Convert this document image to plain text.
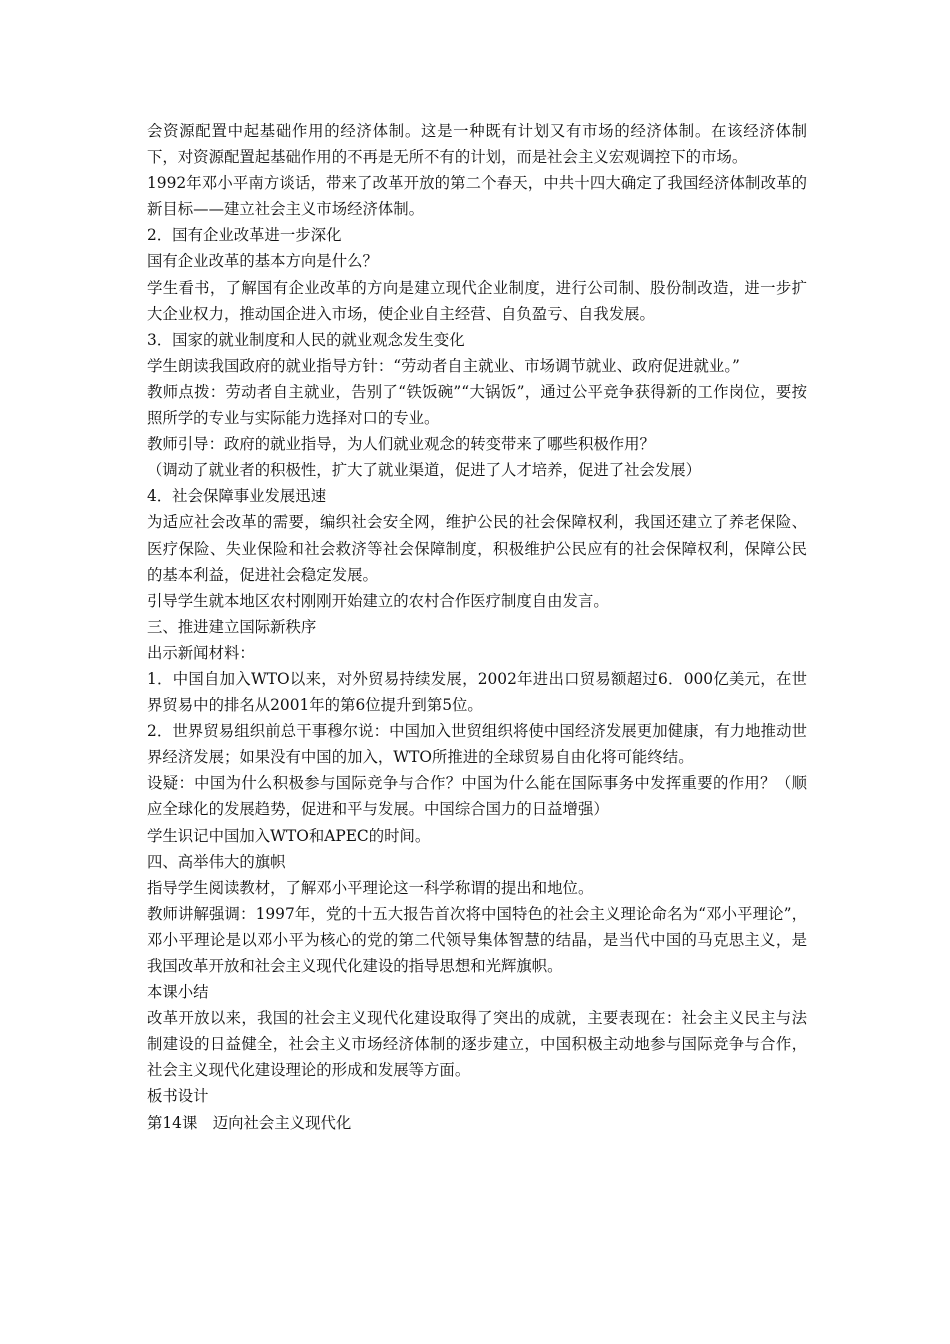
会资源配置中起基础作用的经济体制。这是一种既有计划又有市场的经济体制。在该经济体制下，对资源配置起基础作用的不再是无所不有的计划，而是社会主义宏观调控下的市场。

1992年邓小平南方谈话，带来了改革开放的第二个春天，中共十四大确定了我国经济体制改革的新目标——建立社会主义市场经济体制。

2．国有企业改革进一步深化

国有企业改革的基本方向是什么？

学生看书，了解国有企业改革的方向是建立现代企业制度，进行公司制、股份制改造，进一步扩大企业权力，推动国企进入市场，使企业自主经营、自负盈亏、自我发展。

3．国家的就业制度和人民的就业观念发生变化

学生朗读我国政府的就业指导方针：“劳动者自主就业、市场调节就业、政府促进就业。”

教师点拨：劳动者自主就业，告别了“铁饭碗”“大锅饭”，通过公平竞争获得新的工作岗位，要按照所学的专业与实际能力选择对口的专业。

教师引导：政府的就业指导，为人们就业观念的转变带来了哪些积极作用？

（调动了就业者的积极性，扩大了就业渠道，促进了人才培养，促进了社会发展）

4．社会保障事业发展迅速

为适应社会改革的需要，编织社会安全网，维护公民的社会保障权利，我国还建立了养老保险、医疗保险、失业保险和社会救济等社会保障制度，积极维护公民应有的社会保障权利，保障公民的基本利益，促进社会稳定发展。

引导学生就本地区农村刚刚开始建立的农村合作医疗制度自由发言。

三、推进建立国际新秩序

出示新闻材料：

1．中国自加入WTO以来，对外贸易持续发展，2002年进出口贸易额超过6．000亿美元，在世界贸易中的排名从2001年的第6位提升到第5位。

2．世界贸易组织前总干事穆尔说：中国加入世贸组织将使中国经济发展更加健康，有力地推动世界经济发展；如果没有中国的加入，WTO所推进的全球贸易自由化将可能终结。

设疑：中国为什么积极参与国际竞争与合作？中国为什么能在国际事务中发挥重要的作用？（顺应全球化的发展趋势，促进和平与发展。中国综合国力的日益增强）

学生识记中国加入WTO和APEC的时间。

四、高举伟大的旗帜

指导学生阅读教材，了解邓小平理论这一科学称谓的提出和地位。

教师讲解强调：1997年，党的十五大报告首次将中国特色的社会主义理论命名为“邓小平理论”，邓小平理论是以邓小平为核心的党的第二代领导集体智慧的结晶，是当代中国的马克思主义，是我国改革开放和社会主义现代化建设的指导思想和光辉旗帜。

本课小结

改革开放以来，我国的社会主义现代化建设取得了突出的成就，主要表现在：社会主义民主与法制建设的日益健全，社会主义市场经济体制的逐步建立，中国积极主动地参与国际竞争与合作，社会主义现代化建设理论的形成和发展等方面。

板书设计

第14课　迈向社会主义现代化
